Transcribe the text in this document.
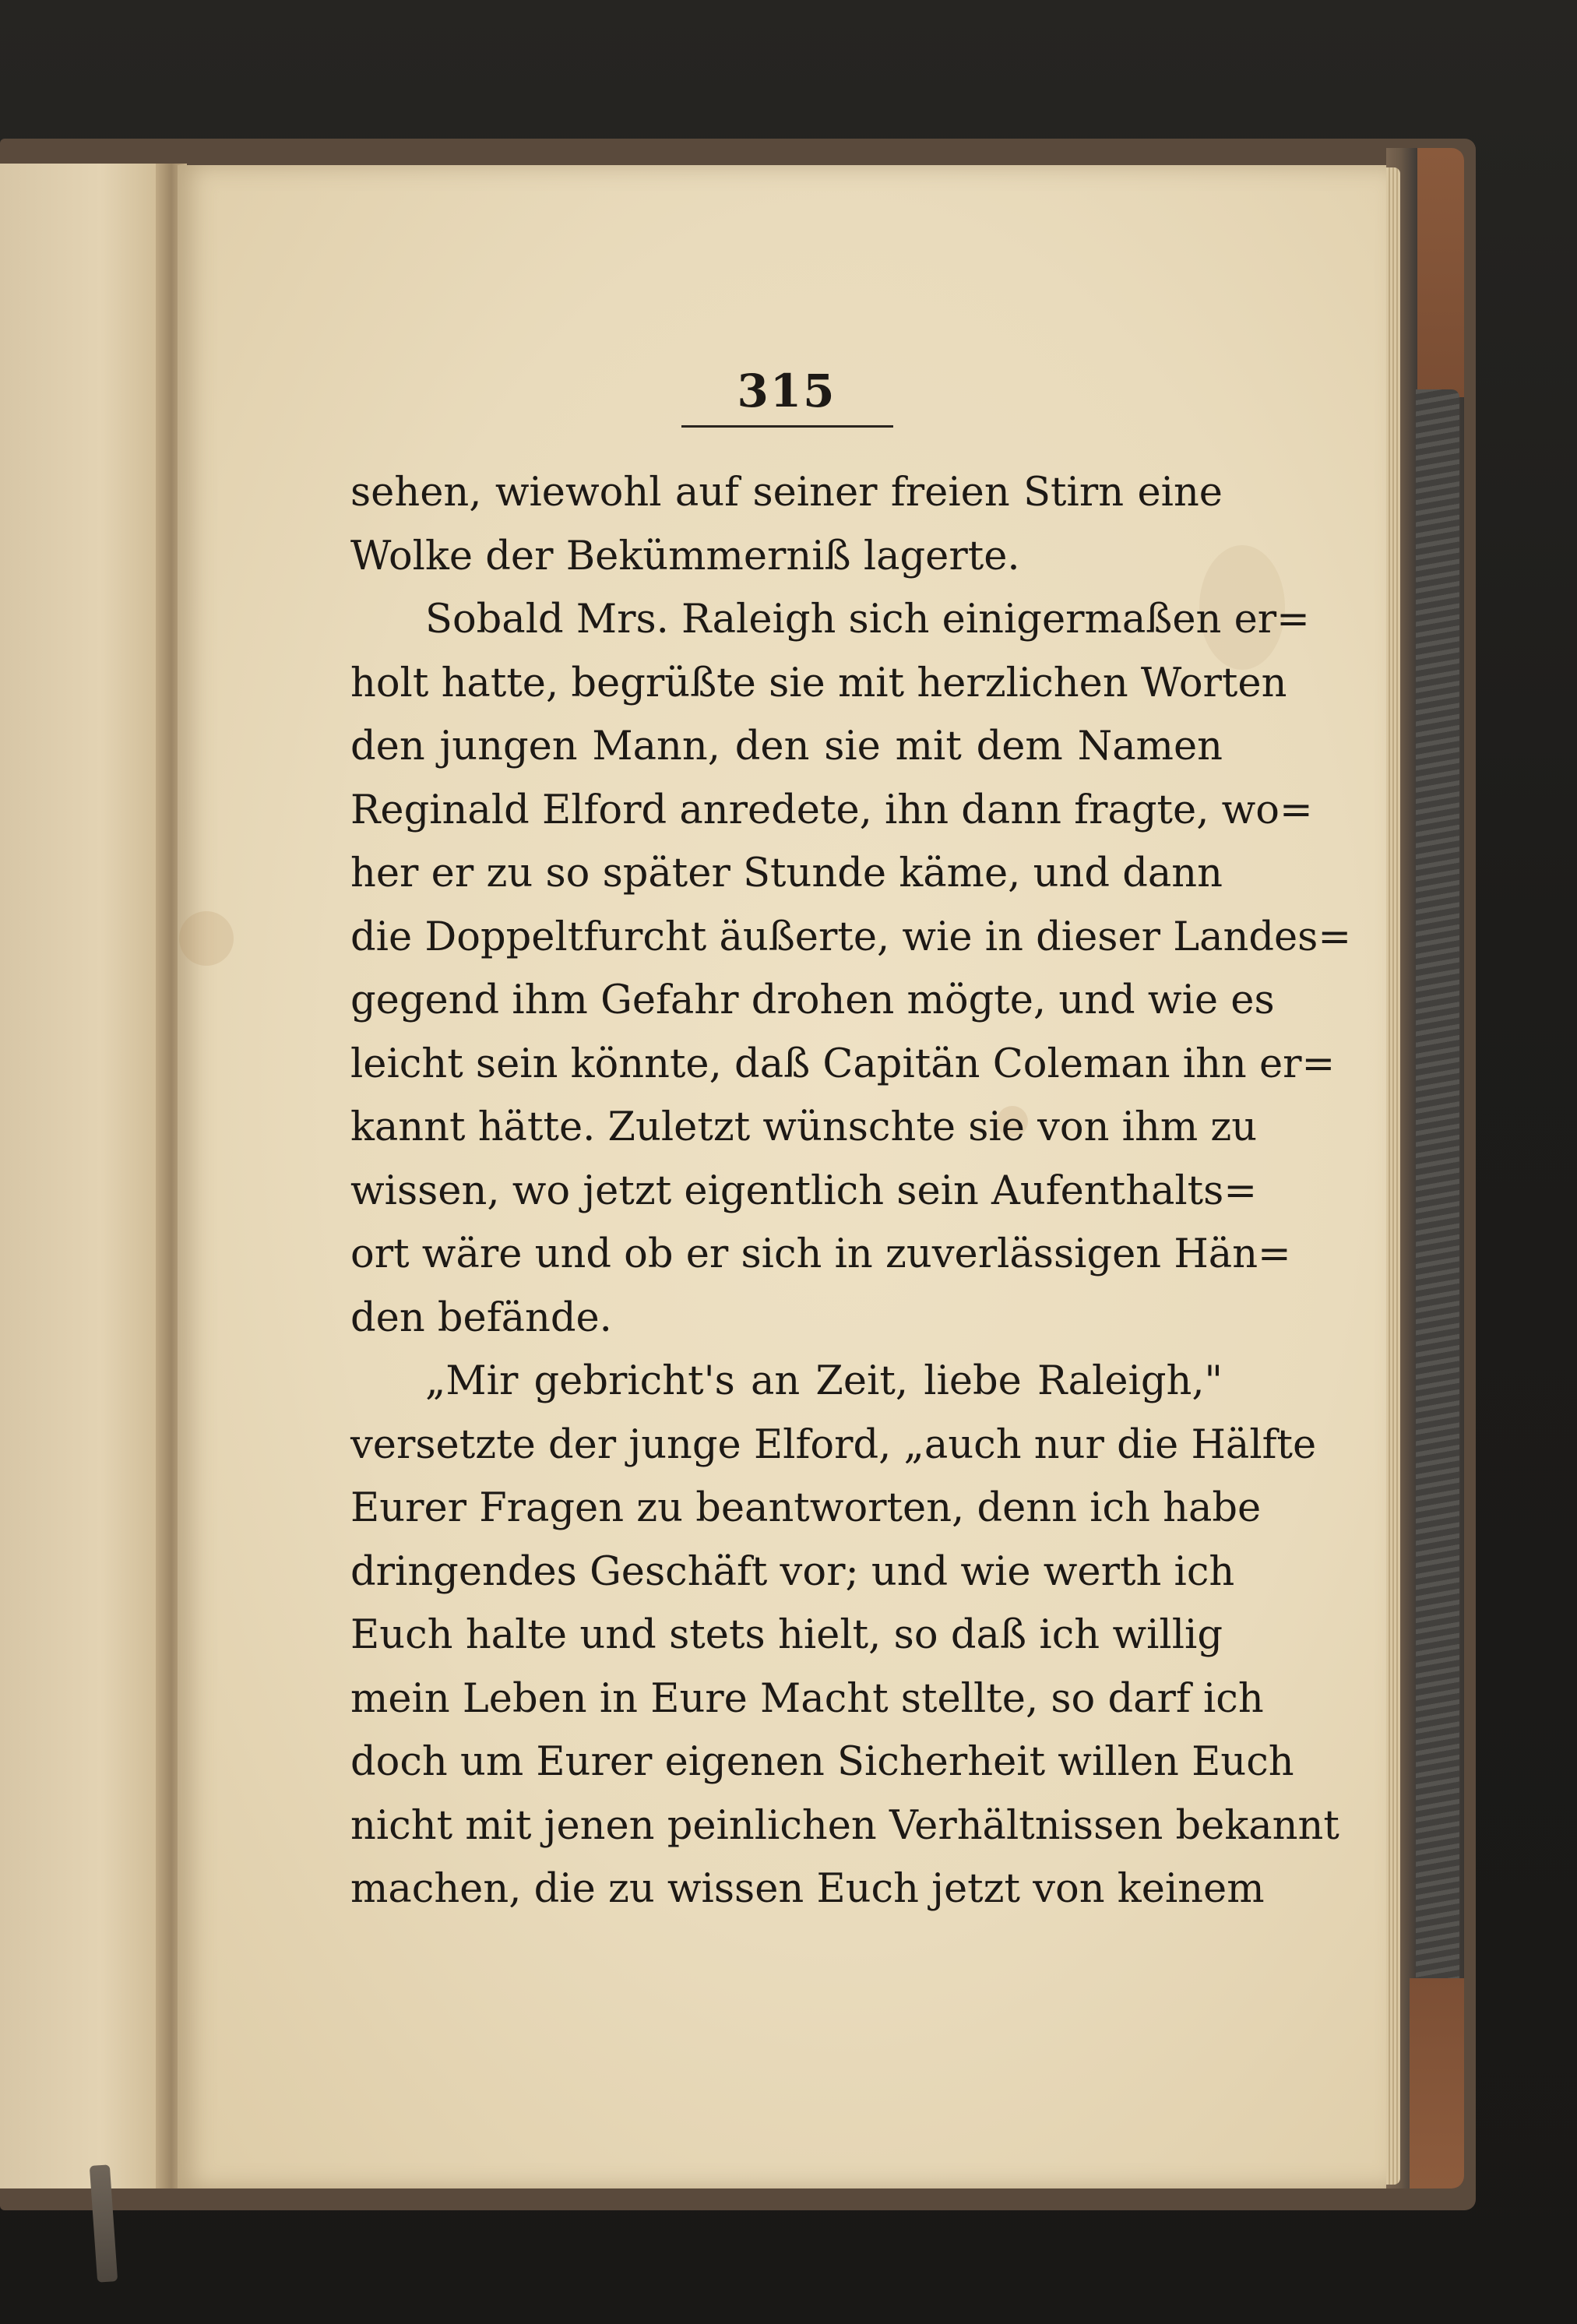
315
sehen, wiewohl auf seiner freien Stirn eine
Wolke der Bekümmerniß lagerte.
Sobald Mrs. Raleigh sich einigermaßen er=
holt hatte, begrüßte sie mit herzlichen Worten
den jungen Mann, den sie mit dem Namen
Reginald Elford anredete, ihn dann fragte, wo=
her er zu so später Stunde käme, und dann
die Doppeltfurcht äußerte, wie in dieser Landes=
gegend ihm Gefahr drohen mögte, und wie es
leicht sein könnte, daß Capitän Coleman ihn er=
kannt hätte. Zuletzt wünschte sie von ihm zu
wissen, wo jetzt eigentlich sein Aufenthalts=
ort wäre und ob er sich in zuverlässigen Hän=
den befände.
„Mir gebricht's an Zeit, liebe Raleigh,"
versetzte der junge Elford, „auch nur die Hälfte
Eurer Fragen zu beantworten, denn ich habe
dringendes Geschäft vor; und wie werth ich
Euch halte und stets hielt, so daß ich willig
mein Leben in Eure Macht stellte, so darf ich
doch um Eurer eigenen Sicherheit willen Euch
nicht mit jenen peinlichen Verhältnissen bekannt
machen, die zu wissen Euch jetzt von keinem
